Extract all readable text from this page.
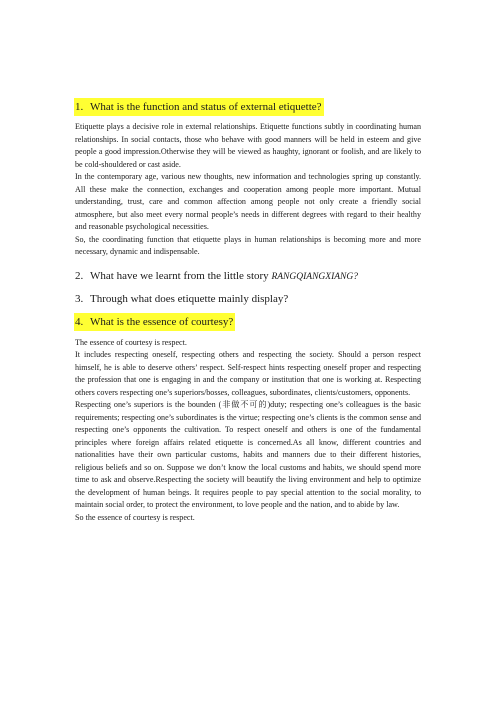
1. What is the function and status of external etiquette?

Etiquette plays a decisive role in external relationships. Etiquette functions subtly in coordinating human relationships. In social contacts, those who behave with good manners will be held in esteem and give people a good impression.Otherwise they will be viewed as haughty, ignorant or foolish, and are likely to be cold-shouldered or cast aside.

In the contemporary age, various new thoughts, new information and technologies spring up constantly. All these make the connection, exchanges and cooperation among people more important. Mutual understanding, trust, care and common affection among people not only create a friendly social atmosphere, but also meet every normal people’s needs in different degrees with regard to their healthy and reasonable psychological necessities.

So, the coordinating function that etiquette plays in human relationships is becoming more and more necessary, dynamic and indispensable.

2. What have we learnt from the little story RANGQIANGXIANG?

3. Through what does etiquette mainly display?

4. What is the essence of courtesy?

The essence of courtesy is respect.

It includes respecting oneself, respecting others and respecting the society. Should a person respect himself, he is able to deserve others’ respect. Self-respect hints respecting oneself proper and respecting the profession that one is engaging in and the company or institution that one is working at. Respecting others covers respecting one’s superiors/bosses, colleagues, subordinates, clients/customers, opponents.

Respecting one’s superiors is the bounden (非做不可的)duty; respecting one’s colleagues is the basic requirements; respecting one’s subordinates is the virtue; respecting one’s clients is the common sense and respecting one’s opponents the cultivation. To respect oneself and others is one of the fundamental principles where foreign affairs related etiquette is concerned.As all know, different countries and nationalities have their own particular customs, habits and manners due to their different histories, religious beliefs and so on. Suppose we don’t know the local customs and habits, we should spend more time to ask and observe.Respecting the society will beautify the living environment and help to optimize the development of human beings. It requires people to pay special attention to the social morality, to maintain social order, to protect the environment, to love people and the nation, and to abide by law.

So the essence of courtesy is respect.
